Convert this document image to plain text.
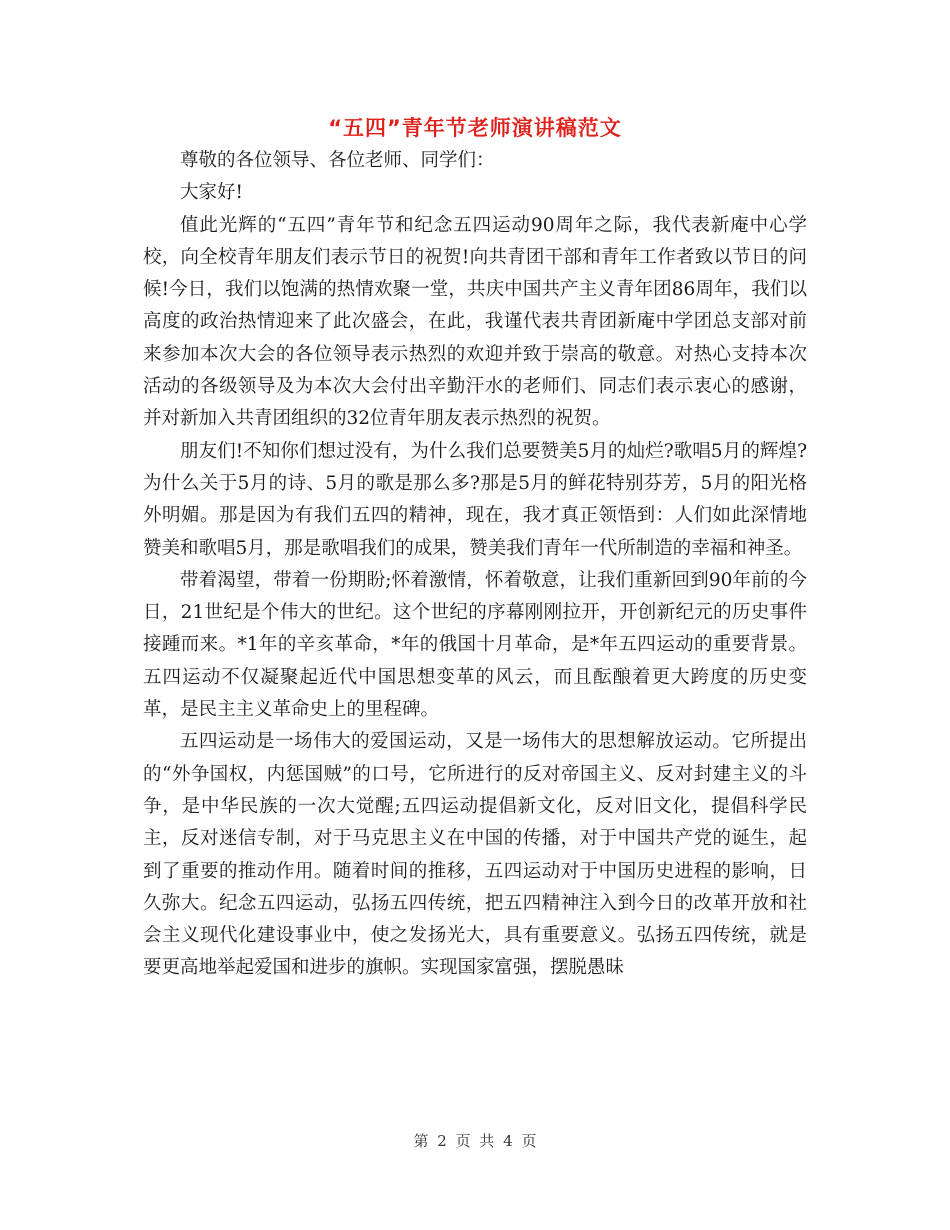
“五四”青年节老师演讲稿范文

尊敬的各位领导、各位老师、同学们：

大家好!

值此光辉的“五四”青年节和纪念五四运动90周年之际，我代表新庵中心学校，向全校青年朋友们表示节日的祝贺!向共青团干部和青年工作者致以节日的问候!今日，我们以饱满的热情欢聚一堂，共庆中国共产主义青年团86周年，我们以高度的政治热情迎来了此次盛会，在此，我谨代表共青团新庵中学团总支部对前来参加本次大会的各位领导表示热烈的欢迎并致于崇高的敬意。对热心支持本次活动的各级领导及为本次大会付出辛勤汗水的老师们、同志们表示衷心的感谢，并对新加入共青团组织的32位青年朋友表示热烈的祝贺。

朋友们!不知你们想过没有，为什么我们总要赞美5月的灿烂?歌唱5月的辉煌?为什么关于5月的诗、5月的歌是那么多?那是5月的鲜花特别芬芳，5月的阳光格外明媚。那是因为有我们五四的精神，现在，我才真正领悟到：人们如此深情地赞美和歌唱5月，那是歌唱我们的成果，赞美我们青年一代所制造的幸福和神圣。

带着渴望，带着一份期盼;怀着激情，怀着敬意，让我们重新回到90年前的今日，21世纪是个伟大的世纪。这个世纪的序幕刚刚拉开，开创新纪元的历史事件接踵而来。*1年的辛亥革命，*年的俄国十月革命，是*年五四运动的重要背景。五四运动不仅凝聚起近代中国思想变革的风云，而且酝酿着更大跨度的历史变革，是民主主义革命史上的里程碑。

五四运动是一场伟大的爱国运动，又是一场伟大的思想解放运动。它所提出的“外争国权，内惩国贼”的口号，它所进行的反对帝国主义、反对封建主义的斗争，是中华民族的一次大觉醒;五四运动提倡新文化，反对旧文化，提倡科学民主，反对迷信专制，对于马克思主义在中国的传播，对于中国共产党的诞生，起到了重要的推动作用。随着时间的推移，五四运动对于中国历史进程的影响，日久弥大。纪念五四运动，弘扬五四传统，把五四精神注入到今日的改革开放和社会主义现代化建设事业中，使之发扬光大，具有重要意义。弘扬五四传统，就是要更高地举起爱国和进步的旗帜。实现国家富强，摆脱愚昧

第 2 页 共 4 页
